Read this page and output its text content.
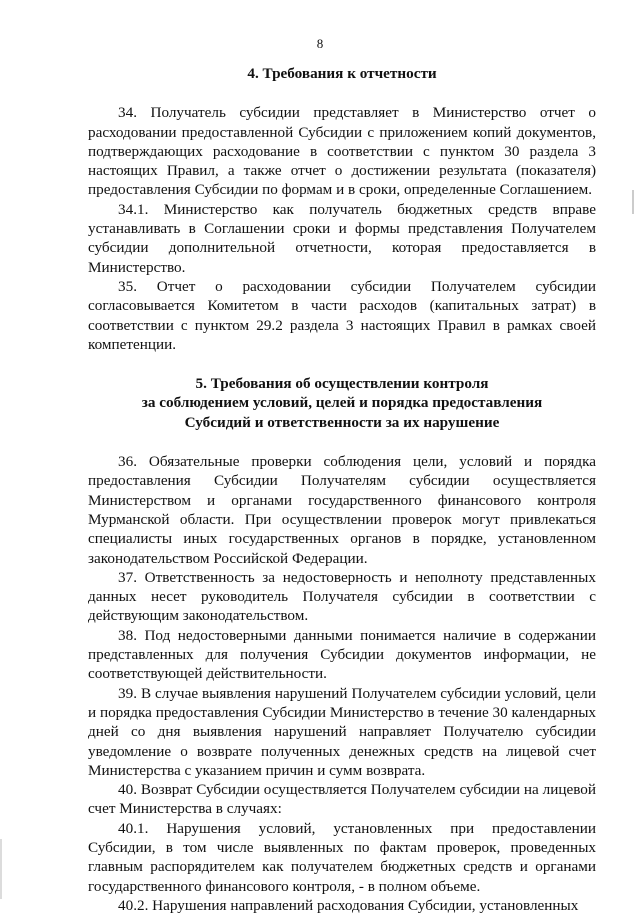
8
4. Требования к отчетности

34. Получатель субсидии представляет в Министерство отчет о расходовании предоставленной Субсидии с приложением копий документов, подтверждающих расходование в соответствии с пунктом 30 раздела 3 настоящих Правил, а также отчет о достижении результата (показателя) предоставления Субсидии по формам и в сроки, определенные Соглашением.

34.1. Министерство как получатель бюджетных средств вправе устанавливать в Соглашении сроки и формы представления Получателем субсидии дополнительной отчетности, которая предоставляется в Министерство.

35. Отчет о расходовании субсидии Получателем субсидии согласовывается Комитетом в части расходов (капитальных затрат) в соответствии с пунктом 29.2 раздела 3 настоящих Правил в рамках своей компетенции.

5. Требования об осуществлении контроля
за соблюдением условий, целей и порядка предоставления
Субсидий и ответственности за их нарушение

36. Обязательные проверки соблюдения цели, условий и порядка предоставления Субсидии Получателям субсидии осуществляется Министерством и органами государственного финансового контроля Мурманской области. При осуществлении проверок могут привлекаться специалисты иных государственных органов в порядке, установленном законодательством Российской Федерации.

37. Ответственность за недостоверность и неполноту представленных данных несет руководитель Получателя субсидии в соответствии с действующим законодательством.

38. Под недостоверными данными понимается наличие в содержании представленных для получения Субсидии документов информации, не соответствующей действительности.

39. В случае выявления нарушений Получателем субсидии условий, цели и порядка предоставления Субсидии Министерство в течение 30 календарных дней со дня выявления нарушений направляет Получателю субсидии уведомление о возврате полученных денежных средств на лицевой счет Министерства с указанием причин и сумм возврата.

40. Возврат Субсидии осуществляется Получателем субсидии на лицевой счет Министерства в случаях:

40.1. Нарушения условий, установленных при предоставлении Субсидии, в том числе выявленных по фактам проверок, проведенных главным распорядителем как получателем бюджетных средств и органами государственного финансового контроля, - в полном объеме.

40.2. Нарушения направлений расходования Субсидии, установленных
